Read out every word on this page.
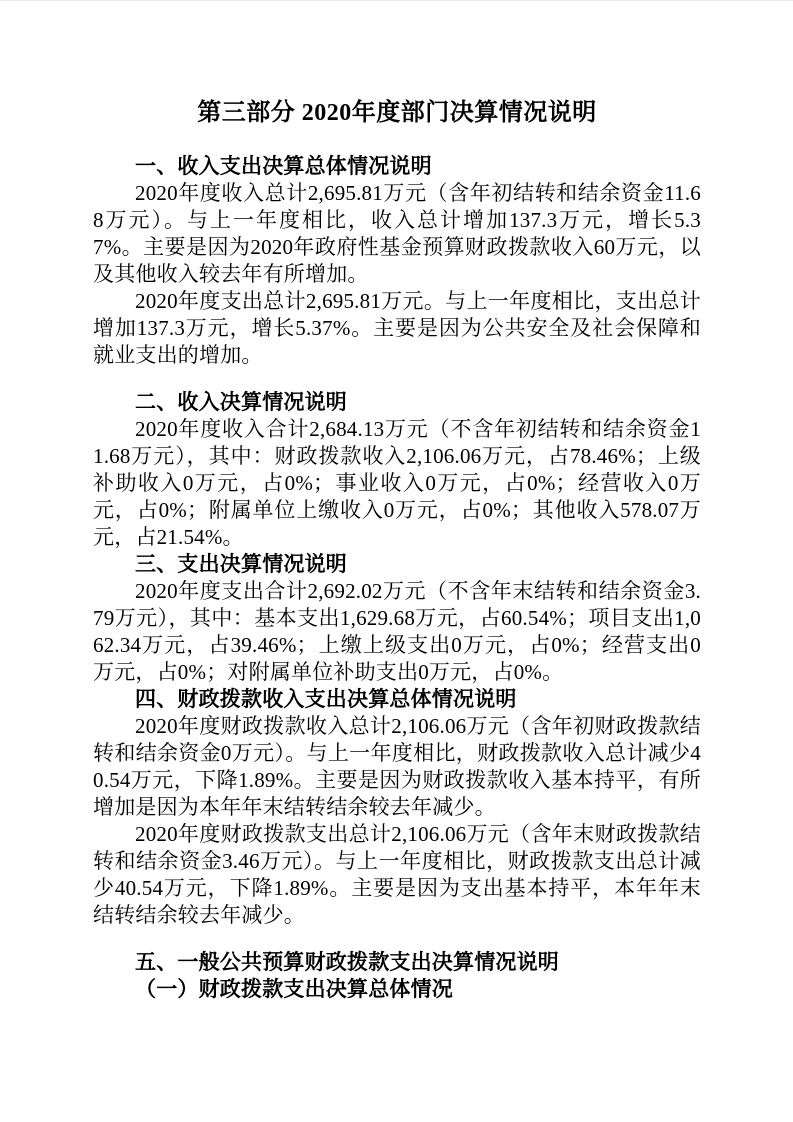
第三部分 2020年度部门决算情况说明
一、收入支出决算总体情况说明

2020年度收入总计2,695.81万元（含年初结转和结余资金11.68万元）。与上一年度相比，收入总计增加137.3万元，增长5.37%。主要是因为2020年政府性基金预算财政拨款收入60万元，以及其他收入较去年有所增加。

2020年度支出总计2,695.81万元。与上一年度相比，支出总计增加137.3万元，增长5.37%。主要是因为公共安全及社会保障和就业支出的增加。

二、收入决算情况说明

2020年度收入合计2,684.13万元（不含年初结转和结余资金11.68万元），其中：财政拨款收入2,106.06万元，占78.46%；上级补助收入0万元，占0%；事业收入0万元，占0%；经营收入0万元，占0%；附属单位上缴收入0万元，占0%；其他收入578.07万元，占21.54%。

三、支出决算情况说明

2020年度支出合计2,692.02万元（不含年末结转和结余资金3.79万元），其中：基本支出1,629.68万元，占60.54%；项目支出1,062.34万元，占39.46%；上缴上级支出0万元，占0%；经营支出0万元，占0%；对附属单位补助支出0万元，占0%。

四、财政拨款收入支出决算总体情况说明

2020年度财政拨款收入总计2,106.06万元（含年初财政拨款结转和结余资金0万元）。与上一年度相比，财政拨款收入总计减少40.54万元，下降1.89%。主要是因为财政拨款收入基本持平，有所增加是因为本年年末结转结余较去年减少。

2020年度财政拨款支出总计2,106.06万元（含年末财政拨款结转和结余资金3.46万元）。与上一年度相比，财政拨款支出总计减少40.54万元，下降1.89%。主要是因为支出基本持平，本年年末结转结余较去年减少。

五、一般公共预算财政拨款支出决算情况说明
（一）财政拨款支出决算总体情况
